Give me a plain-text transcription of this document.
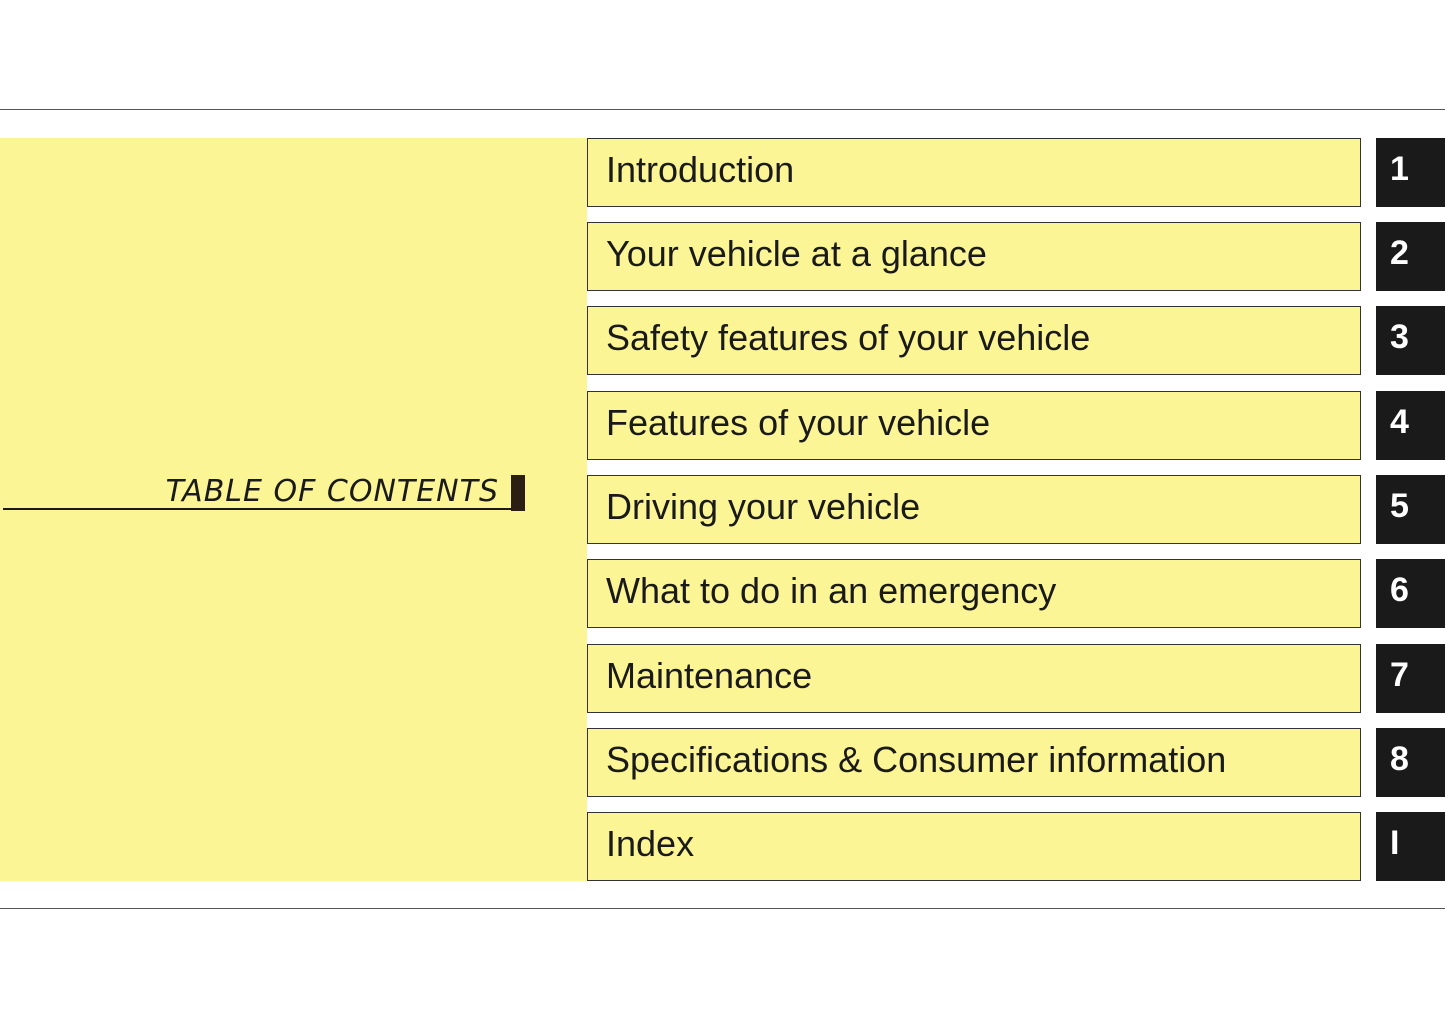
TABLE OF CONTENTS
Introduction	1
Your vehicle at a glance	2
Safety features of your vehicle	3
Features of your vehicle	4
Driving your vehicle	5
What to do in an emergency	6
Maintenance	7
Specifications & Consumer information	8
Index	I
